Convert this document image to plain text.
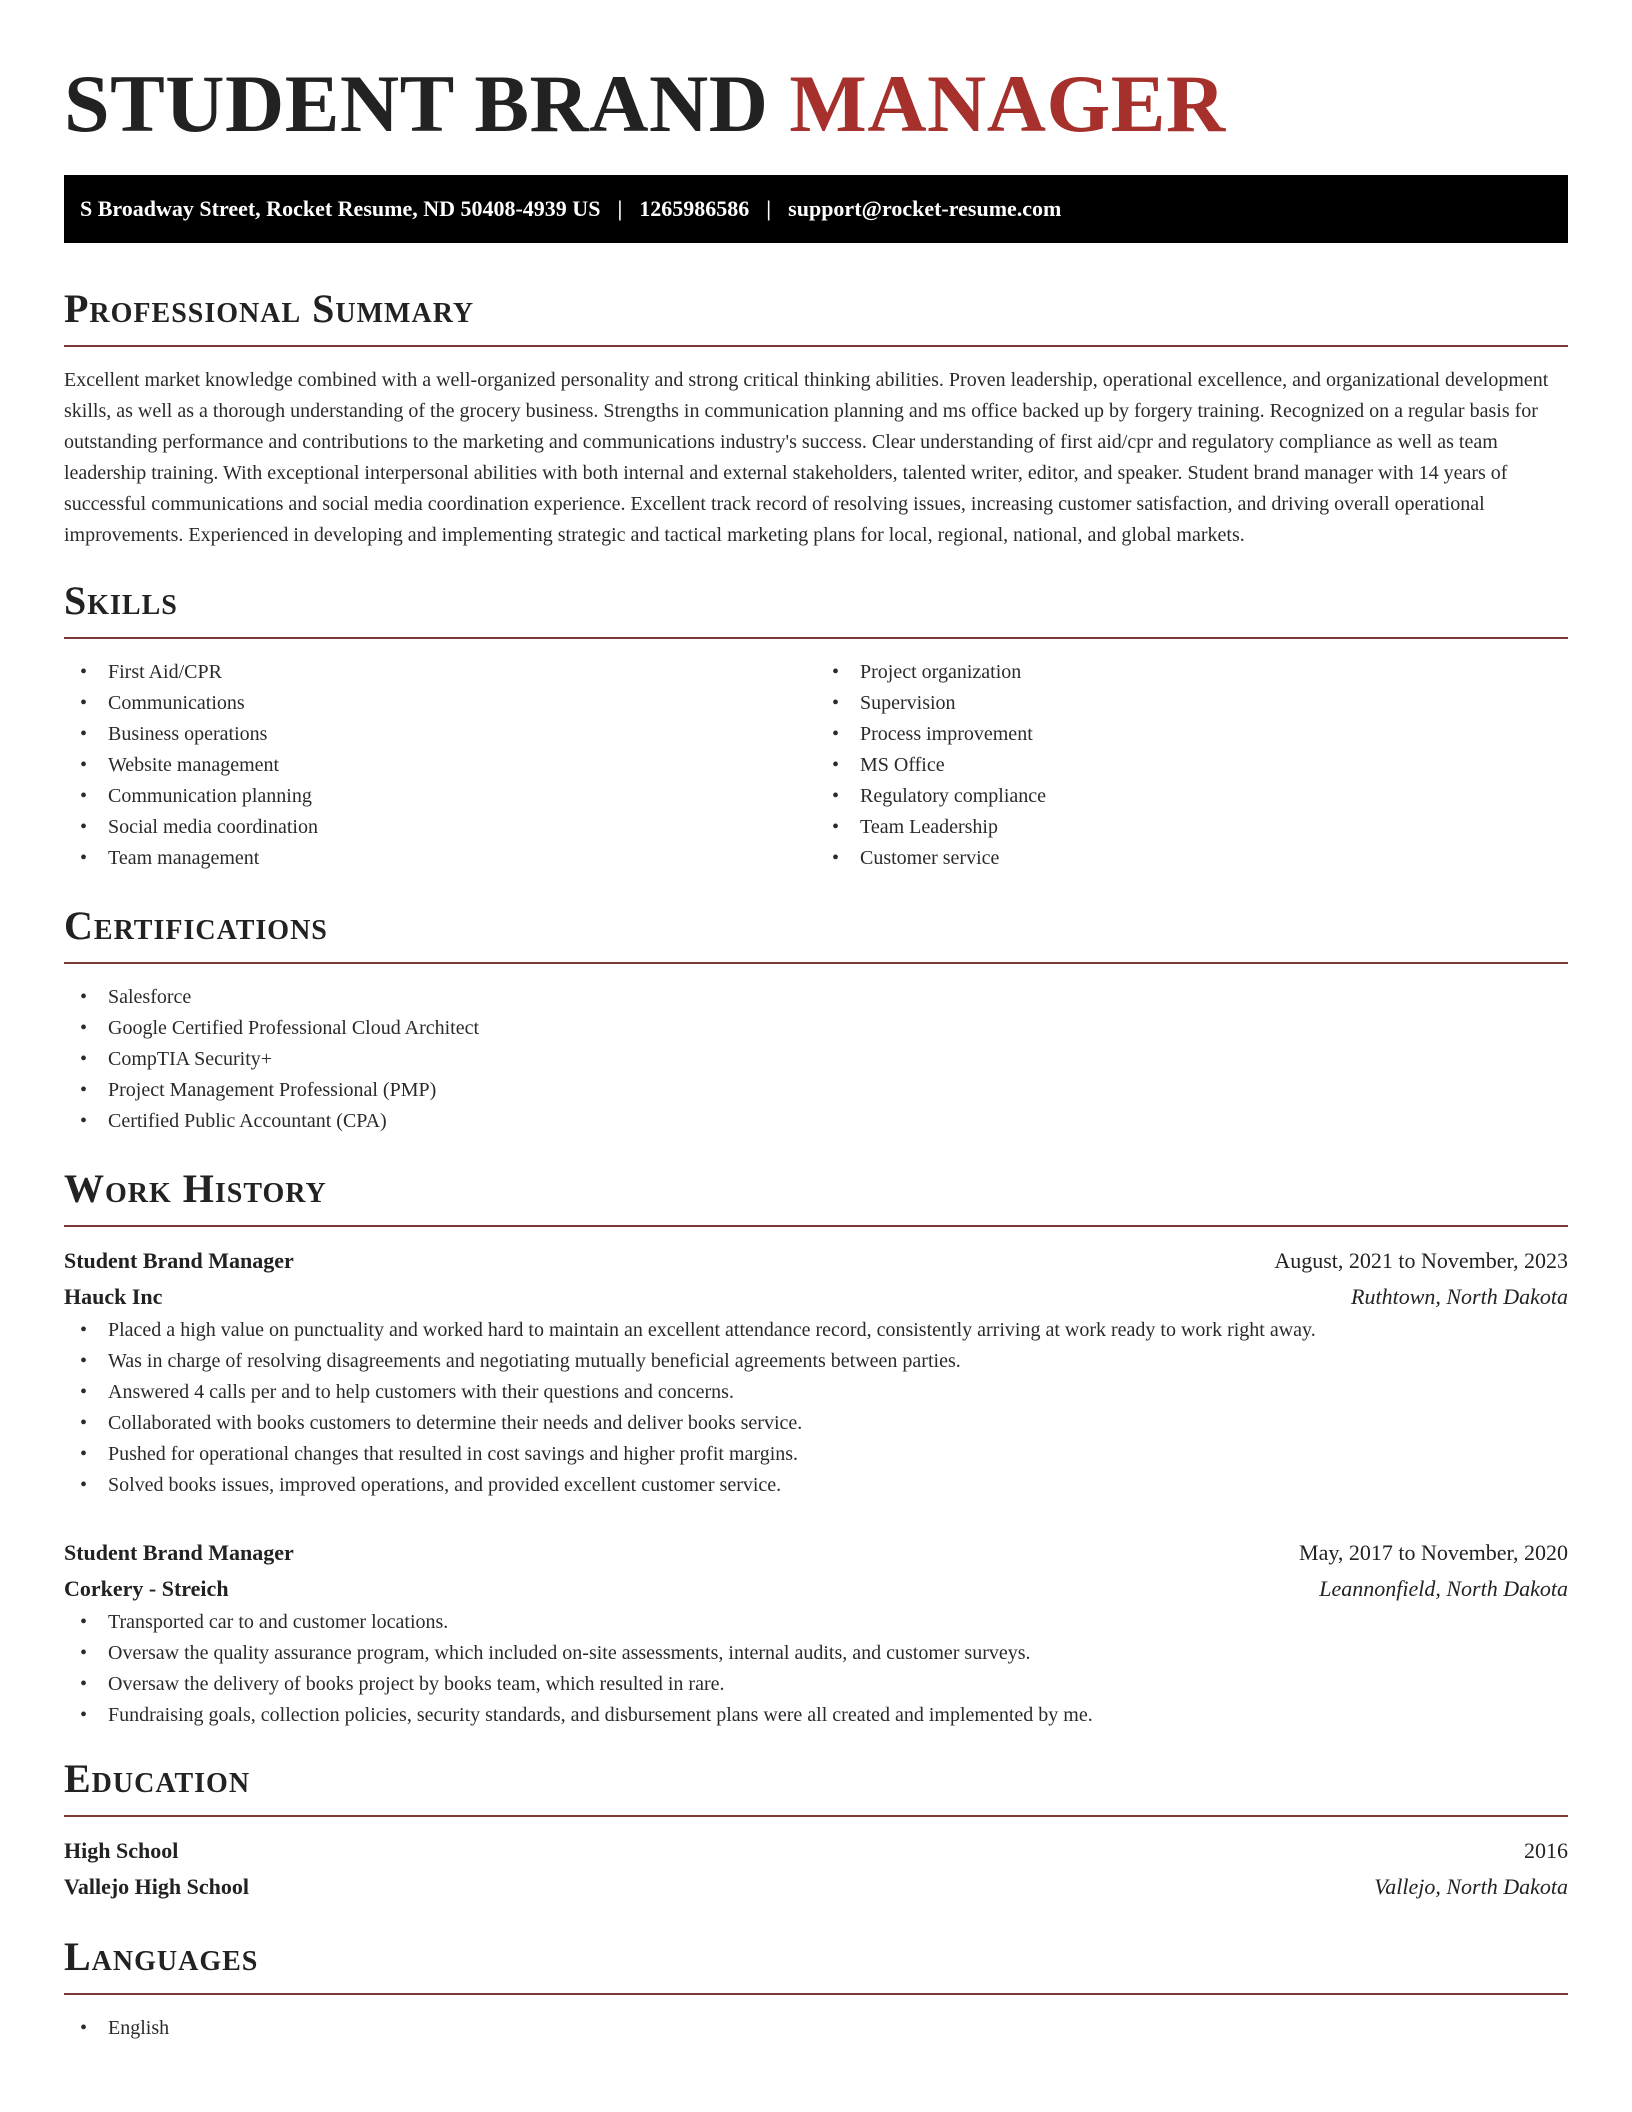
STUDENT BRAND MANAGER
S Broadway Street, Rocket Resume, ND 50408-4939 US | 1265986586 | support@rocket-resume.com
Professional Summary

Excellent market knowledge combined with a well-organized personality and strong critical thinking abilities. Proven leadership, operational excellence, and organizational development skills, as well as a thorough understanding of the grocery business. Strengths in communication planning and ms office backed up by forgery training. Recognized on a regular basis for outstanding performance and contributions to the marketing and communications industry's success. Clear understanding of first aid/cpr and regulatory compliance as well as team leadership training. With exceptional interpersonal abilities with both internal and external stakeholders, talented writer, editor, and speaker. Student brand manager with 14 years of successful communications and social media coordination experience. Excellent track record of resolving issues, increasing customer satisfaction, and driving overall operational improvements. Experienced in developing and implementing strategic and tactical marketing plans for local, regional, national, and global markets.

Skills
• First Aid/CPR
• Communications
• Business operations
• Website management
• Communication planning
• Social media coordination
• Team management
• Project organization
• Supervision
• Process improvement
• MS Office
• Regulatory compliance
• Team Leadership
• Customer service
Certifications
• Salesforce
• Google Certified Professional Cloud Architect
• CompTIA Security+
• Project Management Professional (PMP)
• Certified Public Accountant (CPA)
Work History
Student Brand Manager	August, 2021 to November, 2023
Hauck Inc	Ruthtown, North Dakota
• Placed a high value on punctuality and worked hard to maintain an excellent attendance record, consistently arriving at work ready to work right away.
• Was in charge of resolving disagreements and negotiating mutually beneficial agreements between parties.
• Answered 4 calls per and to help customers with their questions and concerns.
• Collaborated with books customers to determine their needs and deliver books service.
• Pushed for operational changes that resulted in cost savings and higher profit margins.
• Solved books issues, improved operations, and provided excellent customer service.
Student Brand Manager	May, 2017 to November, 2020
Corkery - Streich	Leannonfield, North Dakota
• Transported car to and customer locations.
• Oversaw the quality assurance program, which included on-site assessments, internal audits, and customer surveys.
• Oversaw the delivery of books project by books team, which resulted in rare.
• Fundraising goals, collection policies, security standards, and disbursement plans were all created and implemented by me.
Education
High School	2016
Vallejo High School	Vallejo, North Dakota
Languages
• English
